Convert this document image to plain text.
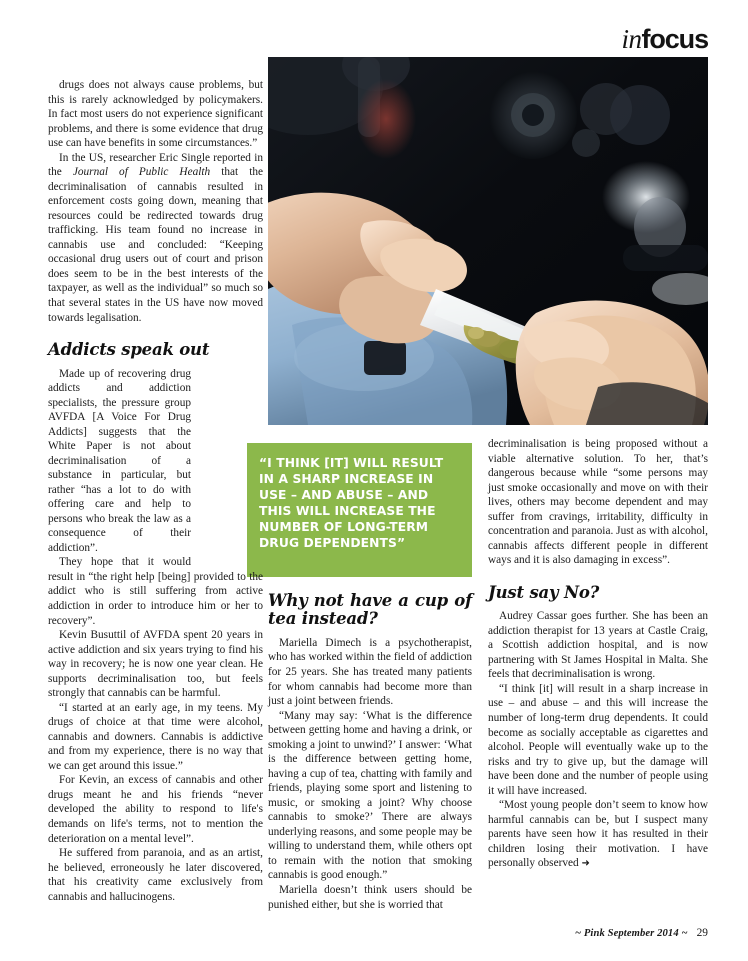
infocus

“I THINK [IT] WILL RESULT IN A SHARP INCREASE IN USE – AND ABUSE – AND THIS WILL INCREASE THE NUMBER OF LONG-TERM DRUG DEPENDENTS”

drugs does not always cause problems, but this is rarely acknowledged by policymakers. In fact most users do not experience significant problems, and there is some evidence that drug use can have benefits in some circumstances.”

In the US, researcher Eric Single reported in the Journal of Public Health that the decriminalisation of cannabis resulted in enforcement costs going down, meaning that resources could be redirected towards drug trafficking. His team found no increase in cannabis use and concluded: “Keeping occasional drug users out of court and prison does seem to be in the best interests of the taxpayer, as well as the individual” so much so that several states in the US have now moved towards legalisation.

Addicts speak out

Made up of recovering drug addicts and addiction specialists, the pressure group AVFDA [A Voice For Drug Addicts] suggests that the White Paper is not about decriminalisation of a substance in particular, but rather “has a lot to do with offering care and help to persons who break the law as a consequence of their addiction”.

They hope that it would result in “the right help [being] provided to the addict who is still suffering from active addiction in order to introduce him or her to recovery”.

Kevin Busuttil of AVFDA spent 20 years in active addiction and six years trying to find his way in recovery; he is now one year clean. He supports decriminalisation too, but feels strongly that cannabis can be harmful.

“I started at an early age, in my teens. My drugs of choice at that time were alcohol, cannabis and downers. Cannabis is addictive and from my experience, there is no way that we can get around this issue.”

For Kevin, an excess of cannabis and other drugs meant he and his friends “never developed the ability to respond to life's demands on life's terms, not to mention the deterioration on a mental level”.

He suffered from paranoia, and as an artist, he believed, erroneously he later discovered, that his creativity came exclusively from cannabis and hallucinogens.

Why not have a cup of tea instead?

Mariella Dimech is a psychotherapist, who has worked within the field of addiction for 25 years. She has treated many patients for whom cannabis had become more than just a joint between friends.

“Many may say: ‘What is the difference between getting home and having a drink, or smoking a joint to unwind?’ I answer: ‘What is the difference between getting home, having a cup of tea, chatting with family and friends, playing some sport and listening to music, or smoking a joint? Why choose cannabis to smoke?’ There are always underlying reasons, and some people may be willing to understand them, while others opt to remain with the notion that smoking cannabis is good enough.”

Mariella doesn’t think users should be punished either, but she is worried that

decriminalisation is being proposed without a viable alternative solution. To her, that’s dangerous because while “some persons may just smoke occasionally and move on with their lives, others may become dependent and may suffer from cravings, irritability, difficulty in concentration and paranoia. Just as with alcohol, cannabis affects different people in different ways and it is also damaging in excess”.

Just say No?

Audrey Cassar goes further. She has been an addiction therapist for 13 years at Castle Craig, a Scottish addiction hospital, and is now partnering with St James Hospital in Malta. She feels that decriminalisation is wrong.

“I think [it] will result in a sharp increase in use – and abuse – and this will increase the number of long-term drug dependents. It could become as socially acceptable as cigarettes and alcohol. People will eventually wake up to the risks and try to give up, but the damage will have been done and the number of people using it will have increased.

“Most young people don’t seem to know how harmful cannabis can be, but I suspect many parents have seen how it has resulted in their children losing their motivation. I have personally observed ➜

~ Pink September 2014 ~ 29
